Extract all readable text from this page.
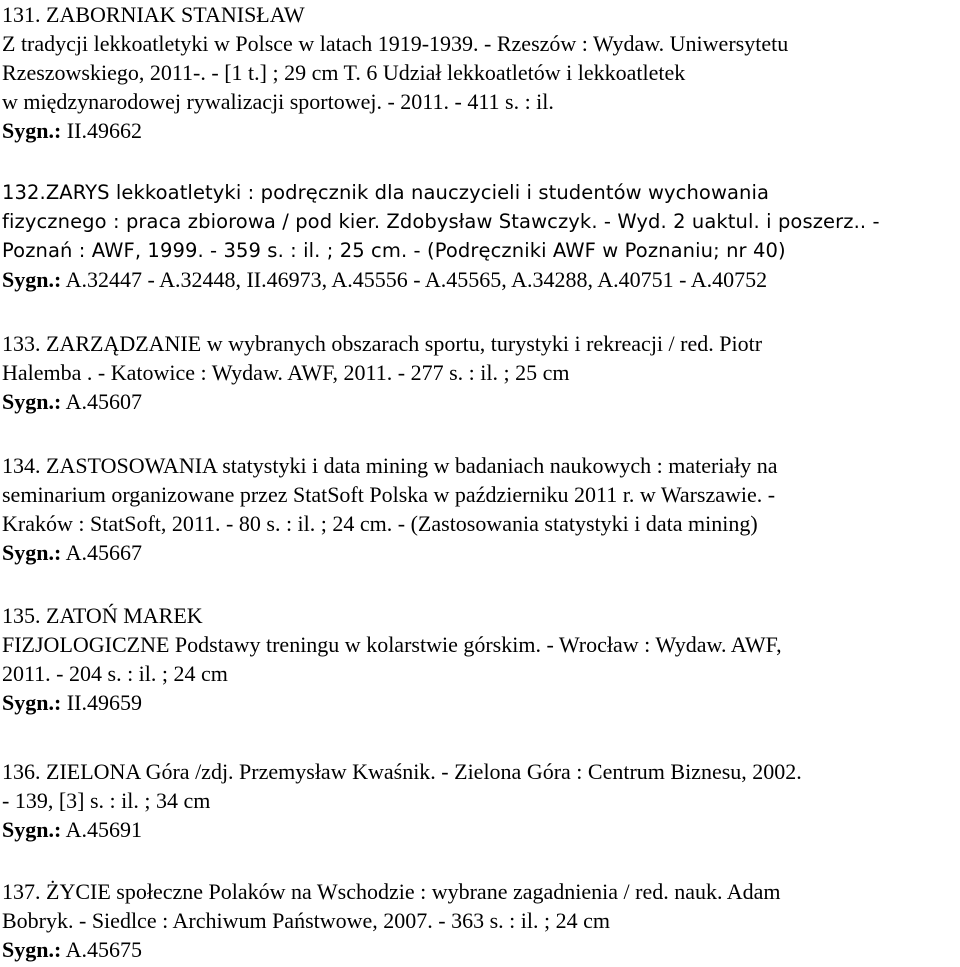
131. ZABORNIAK STANISŁAW
Z tradycji lekkoatletyki w Polsce w latach 1919-1939. - Rzeszów : Wydaw. Uniwersytetu
Rzeszowskiego, 2011-. - [1 t.] ; 29 cm T. 6 Udział lekkoatletów i lekkoatletek
w międzynarodowej rywalizacji sportowej. - 2011. - 411 s. : il.
Sygn.: II.49662
132.ZARYS lekkoatletyki : podręcznik dla nauczycieli i studentów wychowania
fizycznego : praca zbiorowa / pod kier. Zdobysław Stawczyk. - Wyd. 2 uaktul. i poszerz.. -
Poznań : AWF, 1999. - 359 s. : il. ; 25 cm. - (Podręczniki AWF w Poznaniu; nr 40)
Sygn.: A.32447 - A.32448, II.46973, A.45556 - A.45565, A.34288, A.40751 - A.40752
133. ZARZĄDZANIE w wybranych obszarach sportu, turystyki i rekreacji / red. Piotr
Halemba . - Katowice : Wydaw. AWF, 2011. - 277 s. : il. ; 25 cm
Sygn.: A.45607
134. ZASTOSOWANIA statystyki i data mining w badaniach naukowych : materiały na
seminarium organizowane przez StatSoft Polska w październiku 2011 r. w Warszawie. -
Kraków : StatSoft, 2011. - 80 s. : il. ; 24 cm. - (Zastosowania statystyki i data mining)
Sygn.: A.45667
135. ZATOŃ MAREK
FIZJOLOGICZNE Podstawy treningu w kolarstwie górskim. - Wrocław : Wydaw. AWF,
2011. - 204 s. : il. ; 24 cm
Sygn.: II.49659
136. ZIELONA Góra /zdj. Przemysław Kwaśnik. - Zielona Góra : Centrum Biznesu, 2002.
- 139, [3] s. : il. ; 34 cm
Sygn.: A.45691
137. ŻYCIE społeczne Polaków na Wschodzie : wybrane zagadnienia / red. nauk. Adam
Bobryk. - Siedlce : Archiwum Państwowe, 2007. - 363 s. : il. ; 24 cm
Sygn.: A.45675
